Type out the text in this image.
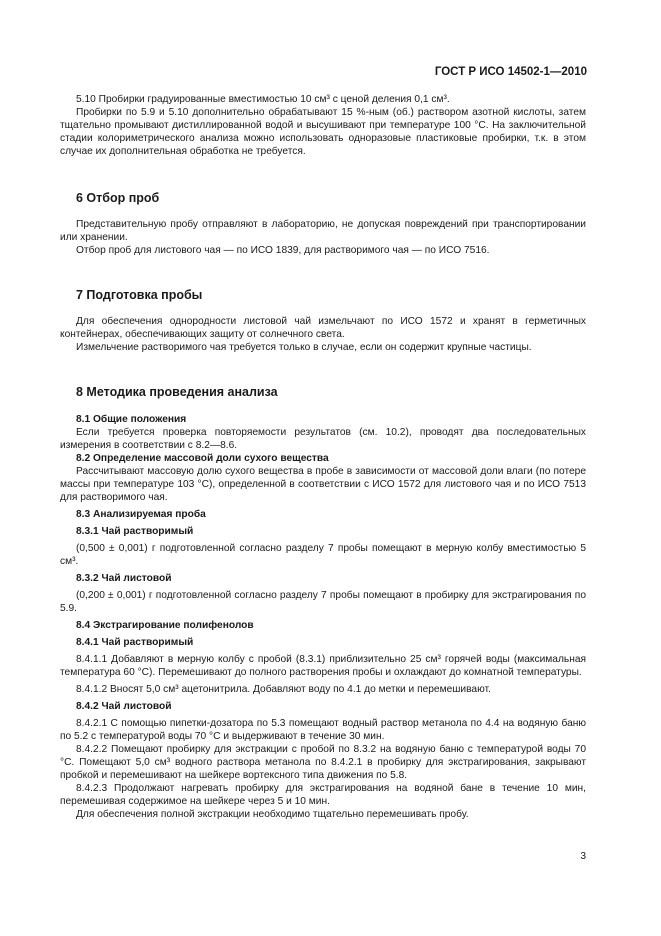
ГОСТ Р ИСО 14502-1—2010

5.10 Пробирки градуированные вместимостью 10 см³ с ценой деления 0,1 см³.

Пробирки по 5.9 и 5.10 дополнительно обрабатывают 15 %-ным (об.) раствором азотной кислоты, затем тщательно промывают дистиллированной водой и высушивают при температуре 100 °С. На заключительной стадии колориметрического анализа можно использовать одноразовые пластиковые пробирки, т.к. в этом случае их дополнительная обработка не требуется.

6 Отбор проб

Представительную пробу отправляют в лабораторию, не допуская повреждений при транспортировании или хранении.

Отбор проб для листового чая — по ИСО 1839, для растворимого чая — по ИСО 7516.

7 Подготовка пробы

Для обеспечения однородности листовой чай измельчают по ИСО 1572 и хранят в герметичных контейнерах, обеспечивающих защиту от солнечного света.

Измельчение растворимого чая требуется только в случае, если он содержит крупные частицы.

8 Методика проведения анализа
8.1 Общие положения

Если требуется проверка повторяемости результатов (см. 10.2), проводят два последовательных измерения в соответствии с 8.2—8.6.

8.2 Определение массовой доли сухого вещества

Рассчитывают массовую долю сухого вещества в пробе в зависимости от массовой доли влаги (по потере массы при температуре 103 °С), определенной в соответствии с ИСО 1572 для листового чая и по ИСО 7513 для растворимого чая.

8.3 Анализируемая проба
8.3.1 Чай растворимый

(0,500 ± 0,001) г подготовленной согласно разделу 7 пробы помещают в мерную колбу вместимостью 5 см³.

8.3.2 Чай листовой

(0,200 ± 0,001) г подготовленной согласно разделу 7 пробы помещают в пробирку для экстрагирования по 5.9.

8.4 Экстрагирование полифенолов
8.4.1 Чай растворимый

8.4.1.1 Добавляют в мерную колбу с пробой (8.3.1) приблизительно 25 см³ горячей воды (максимальная температура 60 °С). Перемешивают до полного растворения пробы и охлаждают до комнатной температуры.

8.4.1.2 Вносят 5,0 см³ ацетонитрила. Добавляют воду по 4.1 до метки и перемешивают.

8.4.2 Чай листовой

8.4.2.1 С помощью пипетки-дозатора по 5.3 помещают водный раствор метанола по 4.4 на водяную баню по 5.2 с температурой воды 70 °С и выдерживают в течение 30 мин.

8.4.2.2 Помещают пробирку для экстракции с пробой по 8.3.2 на водяную баню с температурой воды 70 °С. Помещают 5,0 см³ водного раствора метанола по 8.4.2.1 в пробирку для экстрагирования, закрывают пробкой и перемешивают на шейкере вортексного типа движения по 5.8.

8.4.2.3 Продолжают нагревать пробирку для экстрагирования на водяной бане в течение 10 мин, перемешивая содержимое на шейкере через 5 и 10 мин.

Для обеспечения полной экстракции необходимо тщательно перемешивать пробу.

3
